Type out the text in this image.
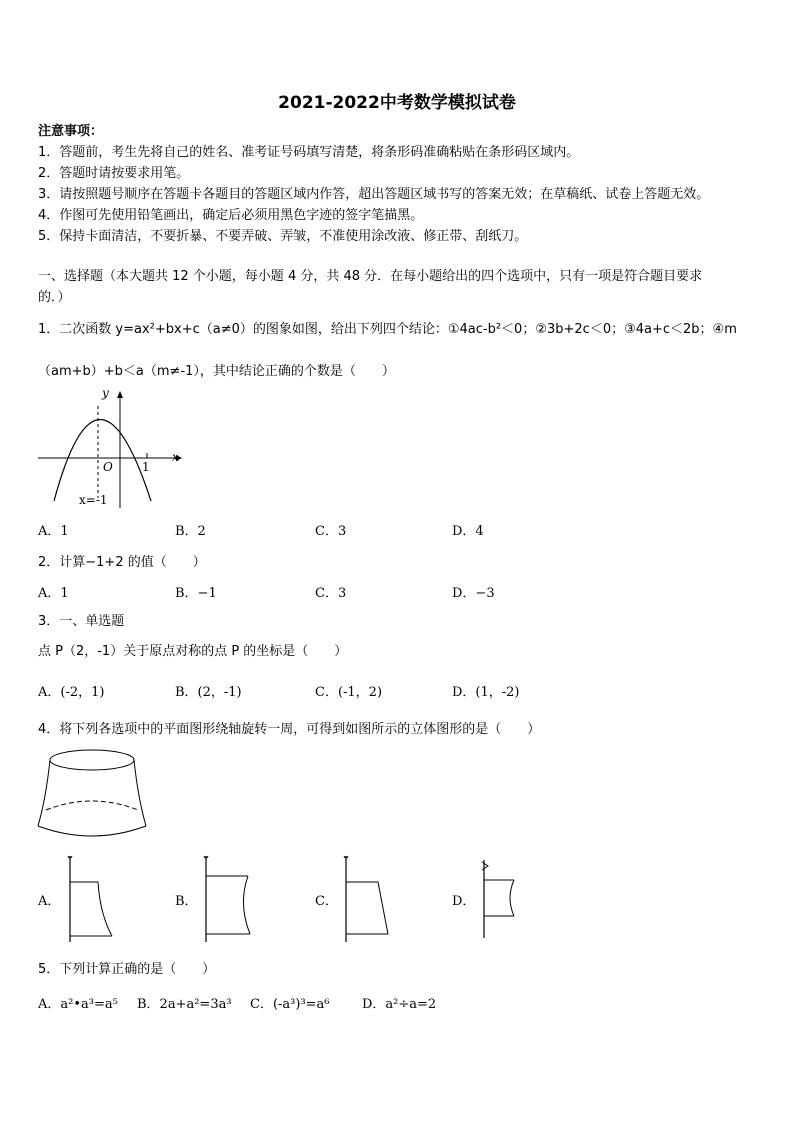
2021-2022中考数学模拟试卷
注意事项：
1．答题前，考生先将自己的姓名、准考证号码填写清楚，将条形码准确粘贴在条形码区域内。
2．答题时请按要求用笔。
3．请按照题号顺序在答题卡各题目的答题区域内作答，超出答题区域书写的答案无效；在草稿纸、试卷上答题无效。
4．作图可先使用铅笔画出，确定后必须用黑色字迹的签字笔描黑。
5．保持卡面清洁，不要折暴、不要弄破、弄皱，不准使用涂改液、修正带、刮纸刀。
一、选择题（本大题共 12 个小题，每小题 4 分，共 48 分．在每小题给出的四个选项中，只有一项是符合题目要求
的．）
1．二次函数 y=ax²+bx+c（a≠0）的图象如图，给出下列四个结论：①4ac-b²＜0；②3b+2c＜0；③4a+c＜2b；④m
（am+b）+b＜a（m≠-1），其中结论正确的个数是（　　）
y
x
O 1
x=-1
A．1	B．2	C．3	D．4
2．计算−1+2 的值（　　）
A．1	B．−1	C．3	D．−3
3．一、单选题
点 P（2，-1）关于原点对称的点 P 的坐标是（　　）
A．(-2，1)	B．(2，-1)	C．(-1，2)	D．(1，-2)
4．将下列各选项中的平面图形绕轴旋转一周，可得到如图所示的立体图形的是（　　）
A．	B．	C．	D．
5．下列计算正确的是（　　）
A．a²•a³=a⁵ B．2a+a²=3a³ C．(-a³)³=a⁶ D．a²÷a=2
